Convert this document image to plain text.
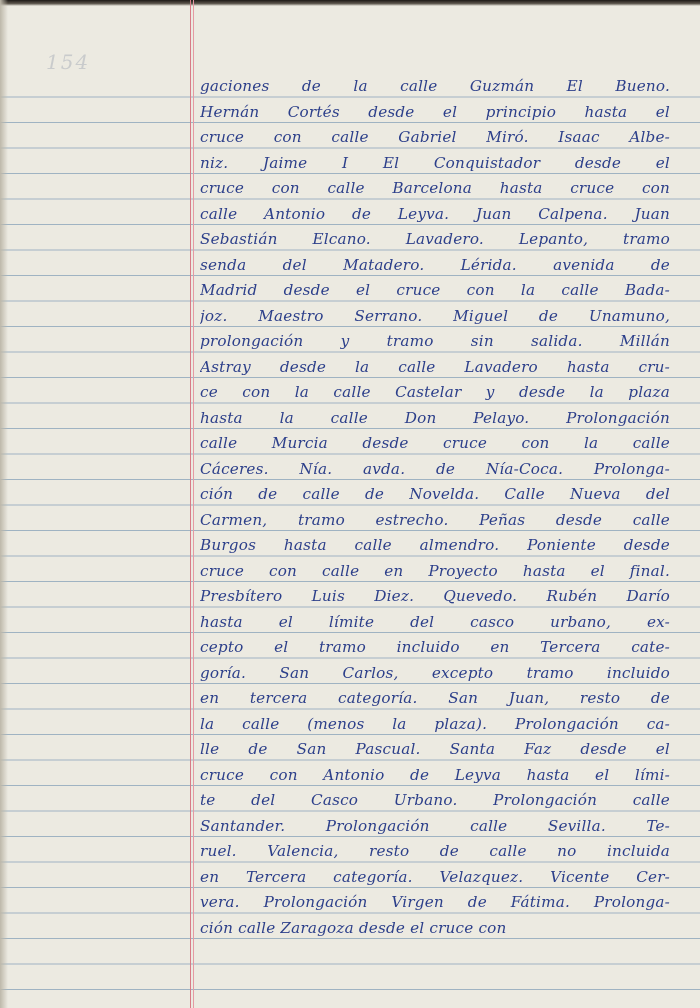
154
gaciones de la calle Guzmán El Bueno.
Hernán Cortés desde el principio hasta el
cruce con calle Gabriel Miró. Isaac Albe-
niz. Jaime I El Conquistador desde el
cruce con calle Barcelona hasta cruce con
calle Antonio de Leyva. Juan Calpena. Juan
Sebastián Elcano. Lavadero. Lepanto, tramo
senda del Matadero. Lérida. avenida de
Madrid desde el cruce con la calle Bada-
joz. Maestro Serrano. Miguel de Unamuno,
prolongación y tramo sin salida. Millán
Astray desde la calle Lavadero hasta cru-
ce con la calle Castelar y desde la plaza
hasta la calle Don Pelayo. Prolongación
calle Murcia desde cruce con la calle
Cáceres. Nía. avda. de Nía-Coca. Prolonga-
ción de calle de Novelda. Calle Nueva del
Carmen, tramo estrecho. Peñas desde calle
Burgos hasta calle almendro. Poniente desde
cruce con calle en Proyecto hasta el final.
Presbítero Luis Diez. Quevedo. Rubén Darío
hasta el límite del casco urbano, ex-
cepto el tramo incluido en Tercera cate-
goría. San Carlos, excepto tramo incluido
en tercera categoría. San Juan, resto de
la calle (menos la plaza). Prolongación ca-
lle de San Pascual. Santa Faz desde el
cruce con Antonio de Leyva hasta el lími-
te del Casco Urbano. Prolongación calle
Santander. Prolongación calle Sevilla. Te-
ruel. Valencia, resto de calle no incluida
en Tercera categoría. Velazquez. Vicente Cer-
vera. Prolongación Virgen de Fátima. Prolonga-
ción calle Zaragoza desde el cruce con
